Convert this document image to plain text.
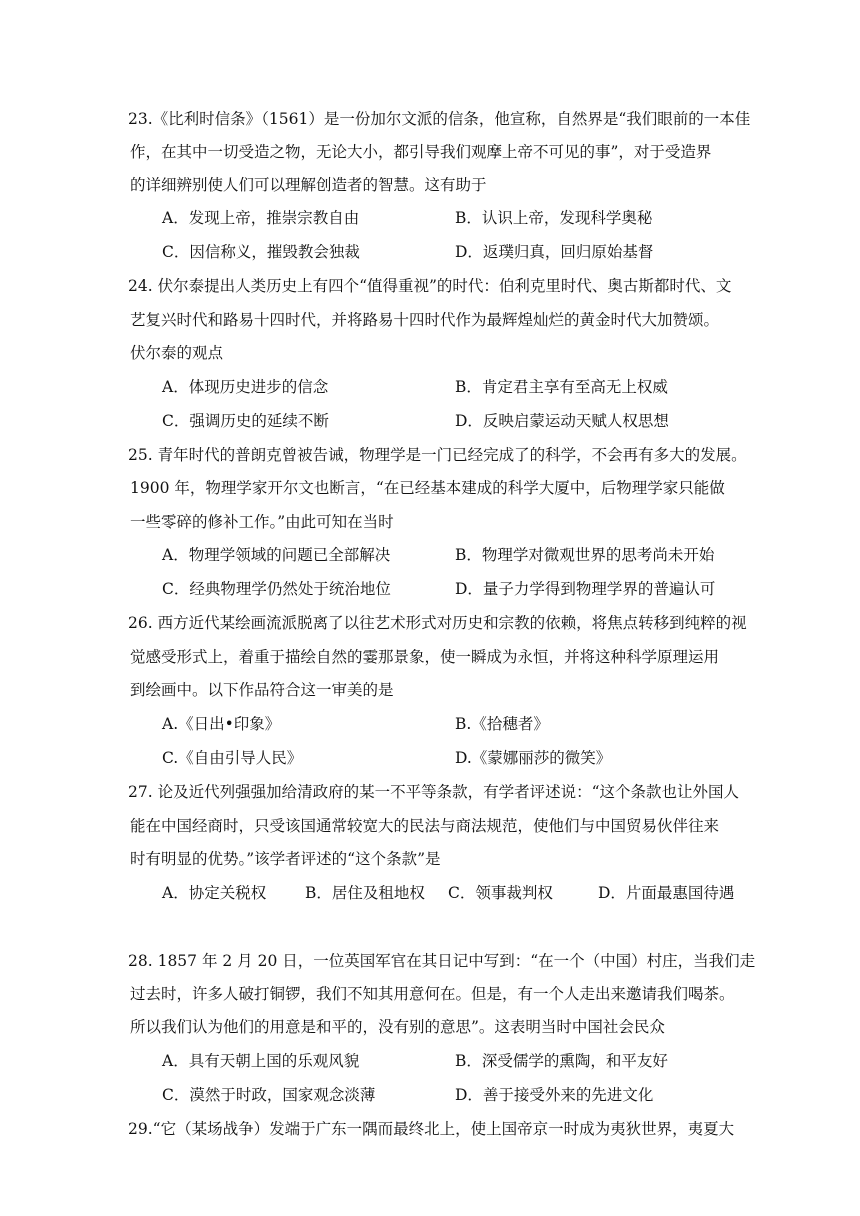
23.《比利时信条》（1561）是一份加尔文派的信条，他宣称，自然界是“我们眼前的一本佳
作，在其中一切受造之物，无论大小，都引导我们观摩上帝不可见的事”，对于受造界
的详细辨别使人们可以理解创造者的智慧。这有助于
A．发现上帝，推崇宗教自由	B．认识上帝，发现科学奥秘
C．因信称义，摧毁教会独裁	D．返璞归真，回归原始基督
24. 伏尔泰提出人类历史上有四个“值得重视”的时代：伯利克里时代、奥古斯都时代、文
艺复兴时代和路易十四时代，并将路易十四时代作为最辉煌灿烂的黄金时代大加赞颂。
伏尔泰的观点
A．体现历史进步的信念	B．肯定君主享有至高无上权威
C．强调历史的延续不断	D．反映启蒙运动天赋人权思想
25. 青年时代的普朗克曾被告诫，物理学是一门已经完成了的科学，不会再有多大的发展。
1900 年，物理学家开尔文也断言，“在已经基本建成的科学大厦中，后物理学家只能做
一些零碎的修补工作。”由此可知在当时
A．物理学领域的问题已全部解决	B．物理学对微观世界的思考尚未开始
C．经典物理学仍然处于统治地位	D．量子力学得到物理学界的普遍认可
26. 西方近代某绘画流派脱离了以往艺术形式对历史和宗教的依赖，将焦点转移到纯粹的视
觉感受形式上，着重于描绘自然的霎那景象，使一瞬成为永恒，并将这种科学原理运用
到绘画中。以下作品符合这一审美的是
A.《日出•印象》	B.《拾穗者》
C.《自由引导人民》	D.《蒙娜丽莎的微笑》
27. 论及近代列强强加给清政府的某一不平等条款，有学者评述说：“这个条款也让外国人
能在中国经商时，只受该国通常较宽大的民法与商法规范，使他们与中国贸易伙伴往来
时有明显的优势。”该学者评述的“这个条款”是
A．协定关税权	B．居住及租地权 C．领事裁判权	D．片面最惠国待遇
28. 1857 年 2 月 20 日，一位英国军官在其日记中写到：“在一个（中国）村庄，当我们走
过去时，许多人破打铜锣，我们不知其用意何在。但是，有一个人走出来邀请我们喝茶。
所以我们认为他们的用意是和平的，没有别的意思”。这表明当时中国社会民众
A．具有天朝上国的乐观风貌	B．深受儒学的熏陶，和平友好
C．漠然于时政，国家观念淡薄	D．善于接受外来的先进文化
29.“它（某场战争）发端于广东一隅而最终北上，使上国帝京一时成为夷狄世界，夷夏大
